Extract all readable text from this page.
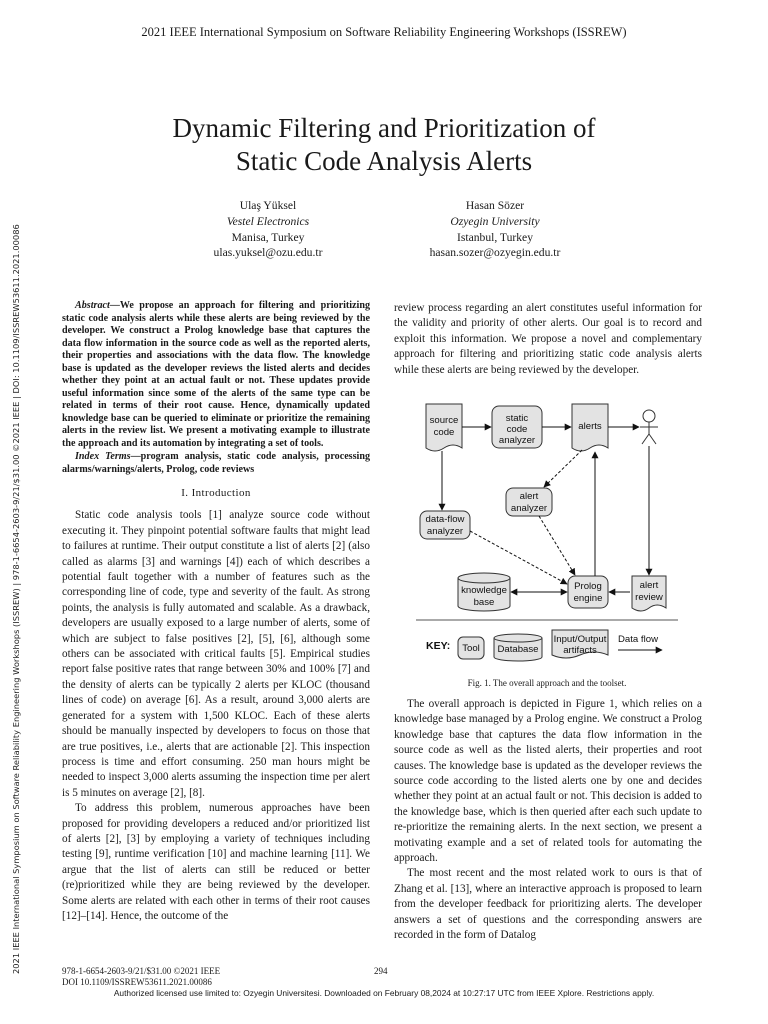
2021 IEEE International Symposium on Software Reliability Engineering Workshops (ISSREW)
Dynamic Filtering and Prioritization of
Static Code Analysis Alerts
Ulaş Yüksel
Vestel Electronics
Manisa, Turkey
ulas.yuksel@ozu.edu.tr
Hasan Sözer
Ozyegin University
Istanbul, Turkey
hasan.sozer@ozyegin.edu.tr
2021 IEEE International Symposium on Software Reliability Engineering Workshops (ISSREW) | 978-1-6654-2603-9/21/$31.00 ©2021 IEEE | DOI: 10.1109/ISSREW53611.2021.00086	Abstract—We propose an approach for filtering and prioritizing static code analysis alerts while these alerts are being reviewed by the developer. We construct a Prolog knowledge base that captures the data flow information in the source code as well as the reported alerts, their properties and associations with the data flow. The knowledge base is updated as the developer reviews the listed alerts and decides whether they point at an actual fault or not. These updates provide useful information since some of the alerts of the same type can be related in terms of their root cause. Hence, dynamically updated knowledge base can be queried to eliminate or prioritize the remaining alerts in the review list. We present a motivating example to illustrate the approach and its automation by integrating a set of tools.

Index Terms—program analysis, static code analysis, processing alarms/warnings/alerts, Prolog, code reviews

I. Introduction

Static code analysis tools [1] analyze source code without executing it. They pinpoint potential software faults that might lead to failures at runtime. Their output constitute a list of alerts [2] (also called as alarms [3] and warnings [4]) each of which describes a potential fault together with a number of features such as the corresponding line of code, type and severity of the fault. As strong points, the analysis is fully automated and scalable. As a drawback, developers are usually exposed to a large number of alerts, some of which are subject to false positives [2], [5], [6], although some others can be associated with critical faults [5]. Empirical studies report false positive rates that range between 30% and 100% [7] and the density of alerts can be typically 2 alerts per KLOC (thousand lines of code) on average [6]. As a result, around 3,000 alerts are generated for a system with 1,500 KLOC. Each of these alerts should be manually inspected by developers to focus on those that are true positives, i.e., alerts that are actionable [2]. This inspection process is time and effort consuming. 250 man hours might be needed to inspect 3,000 alerts assuming the inspection time per alert is 5 minutes on average [2], [8].

To address this problem, numerous approaches have been proposed for providing developers a reduced and/or prioritized list of alerts [2], [3] by employing a variety of techniques including testing [9], runtime verification [10] and machine learning [11]. We argue that the list of alerts can still be reduced or better (re)prioritized while they are being reviewed by the developer. Some alerts are related with each other in terms of their root causes [12]–[14]. Hence, the outcome of the

review process regarding an alert constitutes useful information for the validity and priority of other alerts. Our goal is to record and exploit this information. We propose a novel and complementary approach for filtering and prioritizing static code analysis alerts while these alerts are being reviewed by the developer.

source
code
static
code
analyzer
alerts
alert
analyzer
data-flow
analyzer
knowledge
base
Prolog
engine
alert
review
KEY: Tool Database
Input/Output
artifacts
Data flow
Fig. 1. The overall approach and the toolset.

The overall approach is depicted in Figure 1, which relies on a knowledge base managed by a Prolog engine. We construct a Prolog knowledge base that captures the data flow information in the source code as well as the listed alerts, their properties and root causes. The knowledge base is updated as the developer reviews the source code according to the listed alerts one by one and decides whether they point at an actual fault or not. This decision is added to the knowledge base, which is then queried after each such update to re-prioritize the remaining alerts. In the next section, we present a motivating example and a set of related tools for automating the approach.

The most recent and the most related work to ours is that of Zhang et al. [13], where an interactive approach is proposed to learn from the developer feedback for prioritizing alerts. The developer answers a set of questions and the corresponding answers are recorded in the form of Datalog

978-1-6654-2603-9/21/$31.00 ©2021 IEEE
DOI 10.1109/ISSREW53611.2021.00086
294
Authorized licensed use limited to: Ozyegin Universitesi. Downloaded on February 08,2024 at 10:27:17 UTC from IEEE Xplore. Restrictions apply.
